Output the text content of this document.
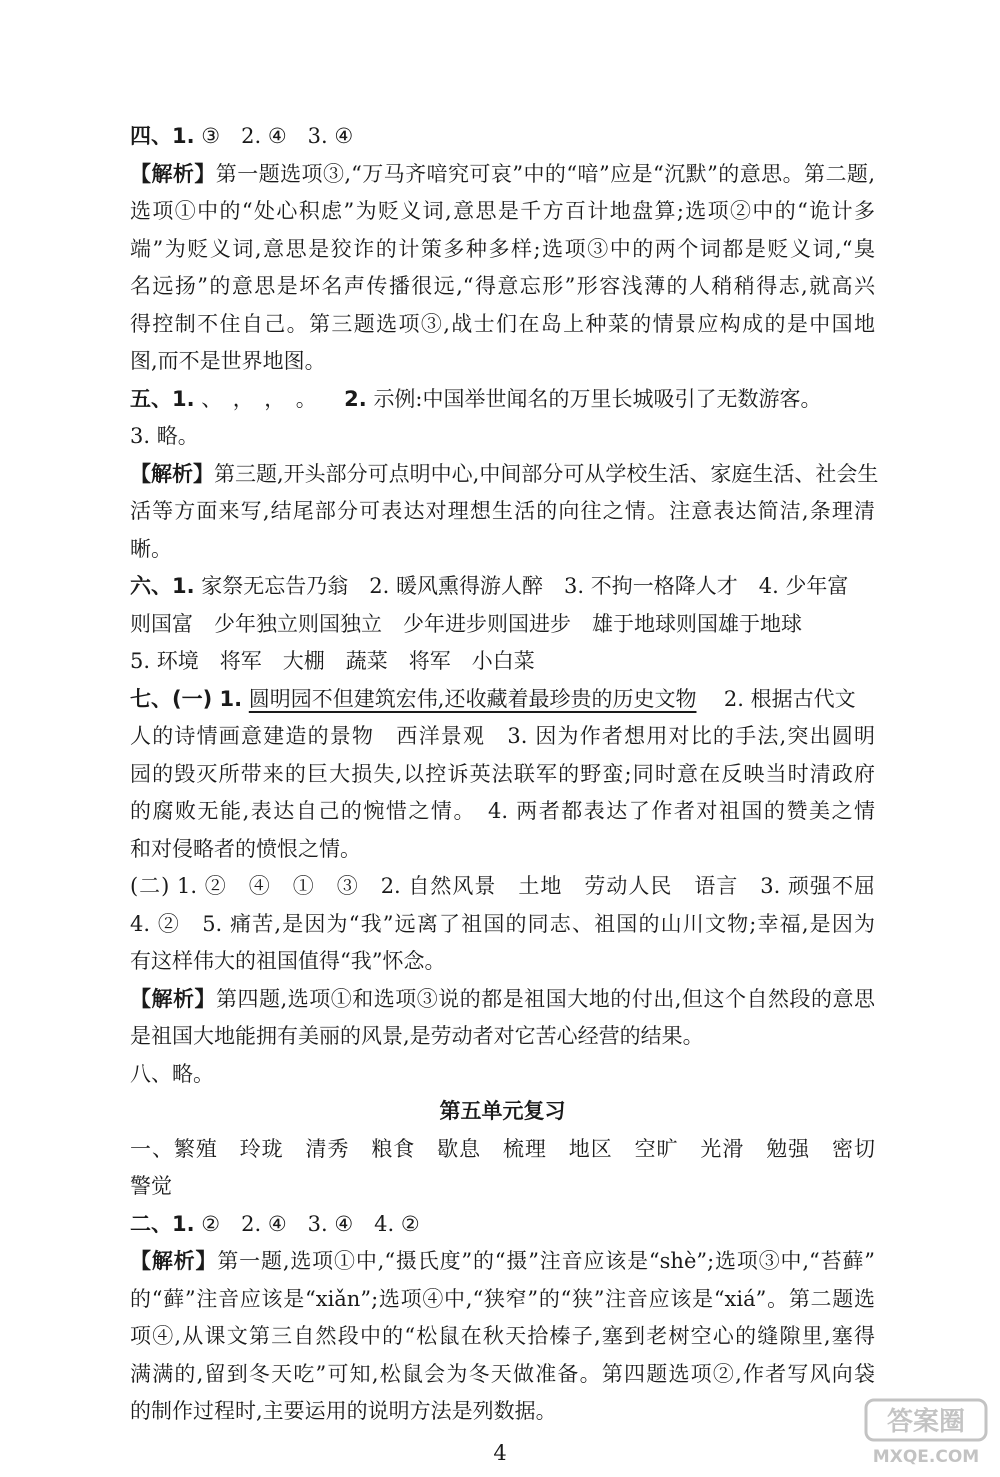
四、1. ③　2. ④　3. ④
【解析】第一题选项③,“万马齐喑究可哀”中的“喑”应是“沉默”的意思。第二题,
选项①中的“处心积虑”为贬义词,意思是千方百计地盘算;选项②中的“诡计多
端”为贬义词,意思是狡诈的计策多种多样;选项③中的两个词都是贬义词,“臭
名远扬”的意思是坏名声传播很远,“得意忘形”形容浅薄的人稍稍得志,就高兴
得控制不住自己。第三题选项③,战士们在岛上种菜的情景应构成的是中国地
图,而不是世界地图。
五、1. 、　，　，　。 2. 示例:中国举世闻名的万里长城吸引了无数游客。
3. 略。
【解析】第三题,开头部分可点明中心,中间部分可从学校生活、家庭生活、社会生
活等方面来写,结尾部分可表达对理想生活的向往之情。注意表达简洁,条理清
晰。
六、1. 家祭无忘告乃翁　2. 暖风熏得游人醉　3. 不拘一格降人才　4. 少年富
则国富　少年独立则国独立　少年进步则国进步　雄于地球则国雄于地球
5. 环境　将军　大棚　蔬菜　将军　小白菜
七、(一) 1. 圆明园不但建筑宏伟,还收藏着最珍贵的历史文物 2. 根据古代文
人的诗情画意建造的景物　西洋景观　3. 因为作者想用对比的手法,突出圆明
园的毁灭所带来的巨大损失,以控诉英法联军的野蛮;同时意在反映当时清政府
的腐败无能,表达自己的惋惜之情。　4. 两者都表达了作者对祖国的赞美之情
和对侵略者的愤恨之情。
(二) 1. ②　④　①　③　2. 自然风景　土地　劳动人民　语言　3. 顽强不屈
4. ②　5. 痛苦,是因为“我”远离了祖国的同志、祖国的山川文物;幸福,是因为
有这样伟大的祖国值得“我”怀念。
【解析】第四题,选项①和选项③说的都是祖国大地的付出,但这个自然段的意思
是祖国大地能拥有美丽的风景,是劳动者对它苦心经营的结果。
八、略。
第五单元复习
一、繁殖　玲珑　清秀　粮食　歇息　梳理　地区　空旷　光滑　勉强　密切
警觉
二、1. ②　2. ④　3. ④　4. ②
【解析】第一题,选项①中,“摄氏度”的“摄”注音应该是“shè”;选项③中,“苔藓”
的“藓”注音应该是“xiǎn”;选项④中,“狭窄”的“狭”注音应该是“xiá”。第二题选
项④,从课文第三自然段中的“松鼠在秋天拾榛子,塞到老树空心的缝隙里,塞得
满满的,留到冬天吃”可知,松鼠会为冬天做准备。第四题选项②,作者写风向袋
的制作过程时,主要运用的说明方法是列数据。
4
答案圈
MXQE.COM
